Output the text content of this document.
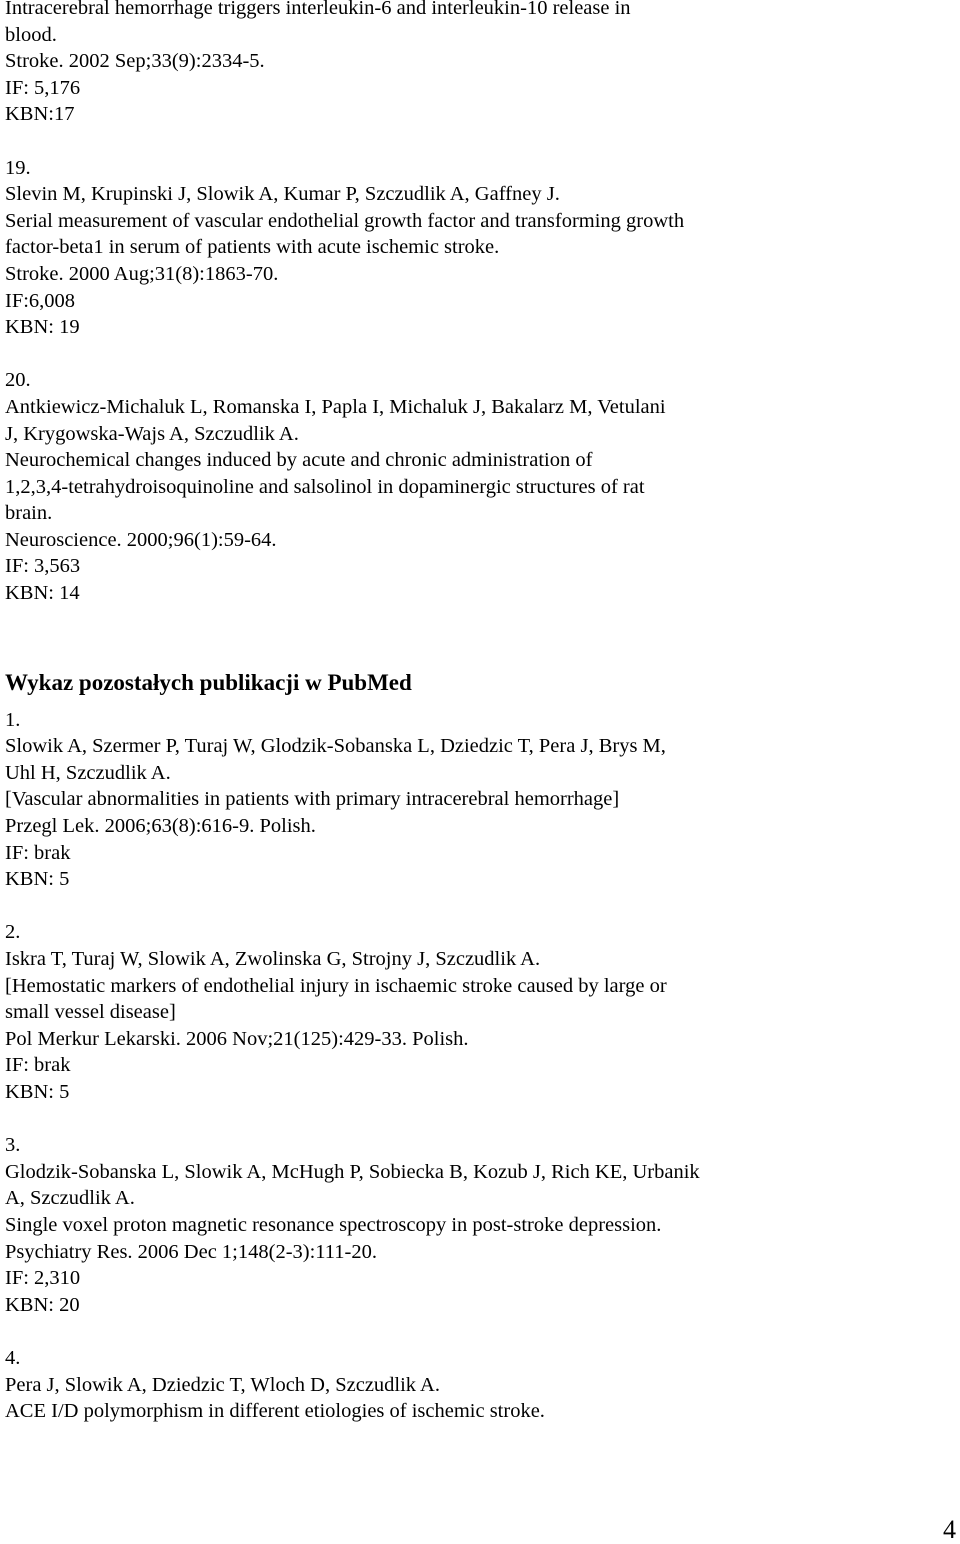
Intracerebral hemorrhage triggers interleukin-6 and interleukin-10 release in
blood.
Stroke. 2002 Sep;33(9):2334-5.
IF: 5,176
KBN:17
19.
Slevin M, Krupinski J, Slowik A, Kumar P, Szczudlik A, Gaffney J.
Serial measurement of vascular endothelial growth factor and transforming growth
factor-beta1 in serum of patients with acute ischemic stroke.
Stroke. 2000 Aug;31(8):1863-70.
IF:6,008
KBN: 19
20.
Antkiewicz-Michaluk L, Romanska I, Papla I, Michaluk J, Bakalarz M, Vetulani
J, Krygowska-Wajs A, Szczudlik A.
Neurochemical changes induced by acute and chronic administration of
1,2,3,4-tetrahydroisoquinoline and salsolinol in dopaminergic structures of rat
brain.
Neuroscience. 2000;96(1):59-64.
IF: 3,563
KBN: 14
Wykaz pozostałych publikacji w PubMed
1.
Slowik A, Szermer P, Turaj W, Glodzik-Sobanska L, Dziedzic T, Pera J, Brys M,
Uhl H, Szczudlik A.
[Vascular abnormalities in patients with primary intracerebral hemorrhage]
Przegl Lek. 2006;63(8):616-9. Polish.
IF: brak
KBN: 5
2.
Iskra T, Turaj W, Slowik A, Zwolinska G, Strojny J, Szczudlik A.
[Hemostatic markers of endothelial injury in ischaemic stroke caused by large or
small vessel disease]
Pol Merkur Lekarski. 2006 Nov;21(125):429-33. Polish.
IF: brak
KBN: 5
3.
Glodzik-Sobanska L, Slowik A, McHugh P, Sobiecka B, Kozub J, Rich KE, Urbanik
A, Szczudlik A.
Single voxel proton magnetic resonance spectroscopy in post-stroke depression.
Psychiatry Res. 2006 Dec 1;148(2-3):111-20.
IF: 2,310
KBN: 20
4.
Pera J, Slowik A, Dziedzic T, Wloch D, Szczudlik A.
ACE I/D polymorphism in different etiologies of ischemic stroke.
4
